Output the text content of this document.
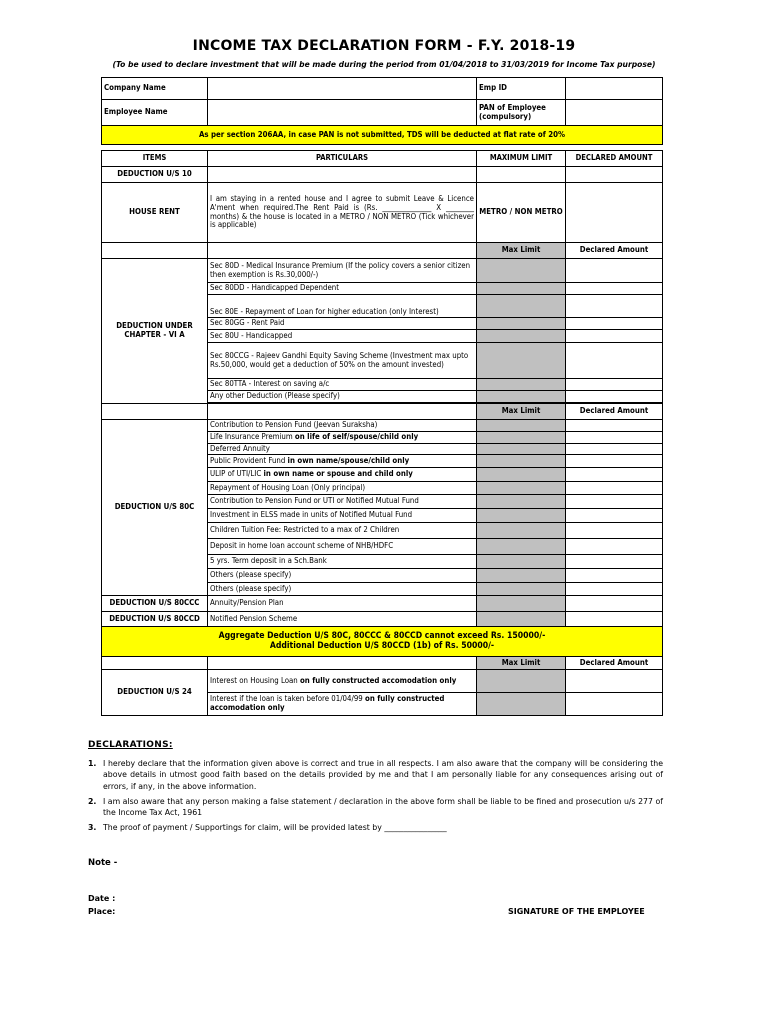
INCOME TAX DECLARATION FORM - F.Y. 2018-19
(To be used to declare investment that will be made during the period from 01/04/2018 to 31/03/2019 for Income Tax purpose)
Company Name		Emp ID	
Employee Name		PAN of Employee (compulsory)	
As per section 206AA, in case PAN is not submitted, TDS will be deducted at flat rate of 20%			

ITEMS	PARTICULARS	MAXIMUM LIMIT	DECLARED AMOUNT
DEDUCTION U/S 10			
HOUSE RENT	I am staying in a rented house and I agree to submit Leave & Licence A'ment when required.The Rent Paid is (Rs. ______________ X ________ months) & the house is located in a METRO / NON METRO (Tick whichever is applicable)	METRO / NON METRO	
		Max Limit	Declared Amount
DEDUCTION UNDER CHAPTER - VI A	Sec 80D - Medical Insurance Premium (If the policy covers a senior citizen then exemption is Rs.30,000/-)		
	Sec 80DD - Handicapped Dependent		
	Sec 80E - Repayment of Loan for higher education (only Interest)		
	Sec 80GG - Rent Paid		
	Sec 80U - Handicapped		
	Sec 80CCG - Rajeev Gandhi Equity Saving Scheme (Investment max upto Rs.50,000, would get a deduction of 50% on the amount invested)		
	Sec 80TTA - Interest on saving a/c		
	Any other Deduction (Please specify)		

		Max Limit	Declared Amount
DEDUCTION U/S 80C	Contribution to Pension Fund (Jeevan Suraksha)		
	Life Insurance Premium on life of self/spouse/child only		
	Deferred Annuity		
	Public Provident Fund in own name/spouse/child only		
	ULIP of UTI/LIC in own name or spouse and child only		
	Repayment of Housing Loan (Only principal)		
	Contribution to Pension Fund or UTI or Notified Mutual Fund		
	Investment in ELSS made in units of Notified Mutual Fund		
	Children Tuition Fee: Restricted to a max of 2 Children		
	Deposit in home loan account scheme of NHB/HDFC		
	5 yrs. Term deposit in a Sch.Bank		
	Others (please specify)		
	Others (please specify)		
DEDUCTION U/S 80CCC	Annuity/Pension Plan		
DEDUCTION U/S 80CCD	Notified Pension Scheme		

Aggregate Deduction U/S 80C, 80CCC & 80CCD cannot exceed Rs. 150000/-
Additional Deduction U/S 80CCD (1b) of Rs. 50000/-			

		Max Limit	Declared Amount
DEDUCTION U/S 24	Interest on Housing Loan on fully constructed accomodation only		
	Interest if the loan is taken before 01/04/99 on fully constructed accomodation only		
DECLARATIONS:
1. I hereby declare that the information given above is correct and true in all respects. I am also aware that the company will be considering the above details in utmost good faith based on the details provided by me and that I am personally liable for any consequences arising out of errors, if any, in the above information.
2. I am also aware that any person making a false statement / declaration in the above form shall be liable to be fined and prosecution u/s 277 of the Income Tax Act, 1961
3. The proof of payment / Supportings for claim, will be provided latest by ________________
Note -
Date :
Place:	SIGNATURE OF THE EMPLOYEE
